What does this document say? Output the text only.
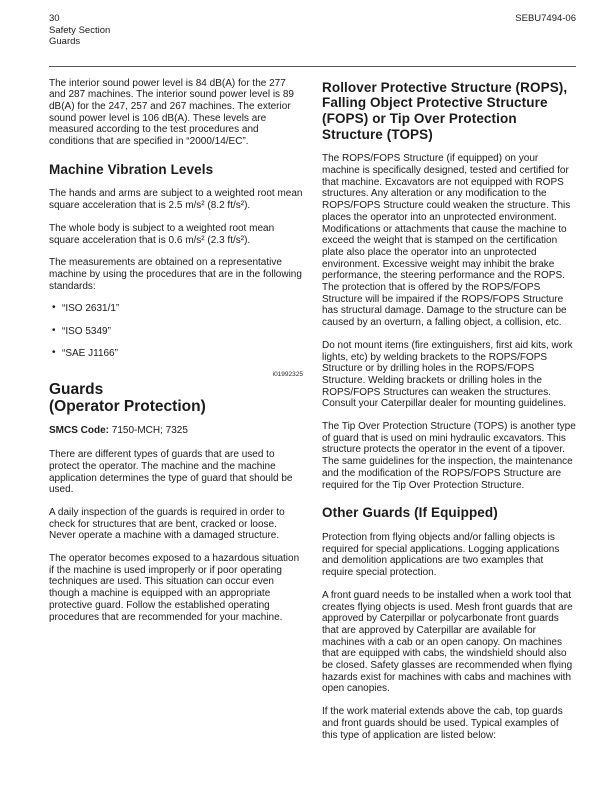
30
Safety Section
Guards
SEBU7494-06

The interior sound power level is 84 dB(A) for the 277 and 287 machines. The interior sound power level is 89 dB(A) for the 247, 257 and 267 machines. The exterior sound power level is 106 dB(A). These levels are measured according to the test procedures and conditions that are specified in “2000/14/EC”.

Machine Vibration Levels

The hands and arms are subject to a weighted root mean square acceleration that is 2.5 m/s² (8.2 ft/s²).

The whole body is subject to a weighted root mean square acceleration that is 0.6 m/s² (2.3 ft/s²).

The measurements are obtained on a representative machine by using the procedures that are in the following standards:

• “ISO 2631/1”
• “ISO 5349”
• “SAE J1166”
i01992325
Guards
(Operator Protection)
SMCS Code: 7150-MCH; 7325

There are different types of guards that are used to protect the operator. The machine and the machine application determines the type of guard that should be used.

A daily inspection of the guards is required in order to check for structures that are bent, cracked or loose. Never operate a machine with a damaged structure.

The operator becomes exposed to a hazardous situation if the machine is used improperly or if poor operating techniques are used. This situation can occur even though a machine is equipped with an appropriate protective guard. Follow the established operating procedures that are recommended for your machine.

Rollover Protective Structure (ROPS), Falling Object Protective Structure (FOPS) or Tip Over Protection Structure (TOPS)

The ROPS/FOPS Structure (if equipped) on your machine is specifically designed, tested and certified for that machine. Excavators are not equipped with ROPS structures. Any alteration or any modification to the ROPS/FOPS Structure could weaken the structure. This places the operator into an unprotected environment. Modifications or attachments that cause the machine to exceed the weight that is stamped on the certification plate also place the operator into an unprotected environment. Excessive weight may inhibit the brake performance, the steering performance and the ROPS. The protection that is offered by the ROPS/FOPS Structure will be impaired if the ROPS/FOPS Structure has structural damage. Damage to the structure can be caused by an overturn, a falling object, a collision, etc.

Do not mount items (fire extinguishers, first aid kits, work lights, etc) by welding brackets to the ROPS/FOPS Structure or by drilling holes in the ROPS/FOPS Structure. Welding brackets or drilling holes in the ROPS/FOPS Structures can weaken the structures. Consult your Caterpillar dealer for mounting guidelines.

The Tip Over Protection Structure (TOPS) is another type of guard that is used on mini hydraulic excavators. This structure protects the operator in the event of a tipover. The same guidelines for the inspection, the maintenance and the modification of the ROPS/FOPS Structure are required for the Tip Over Protection Structure.

Other Guards (If Equipped)

Protection from flying objects and/or falling objects is required for special applications. Logging applications and demolition applications are two examples that require special protection.

A front guard needs to be installed when a work tool that creates flying objects is used. Mesh front guards that are approved by Caterpillar or polycarbonate front guards that are approved by Caterpillar are available for machines with a cab or an open canopy. On machines that are equipped with cabs, the windshield should also be closed. Safety glasses are recommended when flying hazards exist for machines with cabs and machines with open canopies.

If the work material extends above the cab, top guards and front guards should be used. Typical examples of this type of application are listed below:
